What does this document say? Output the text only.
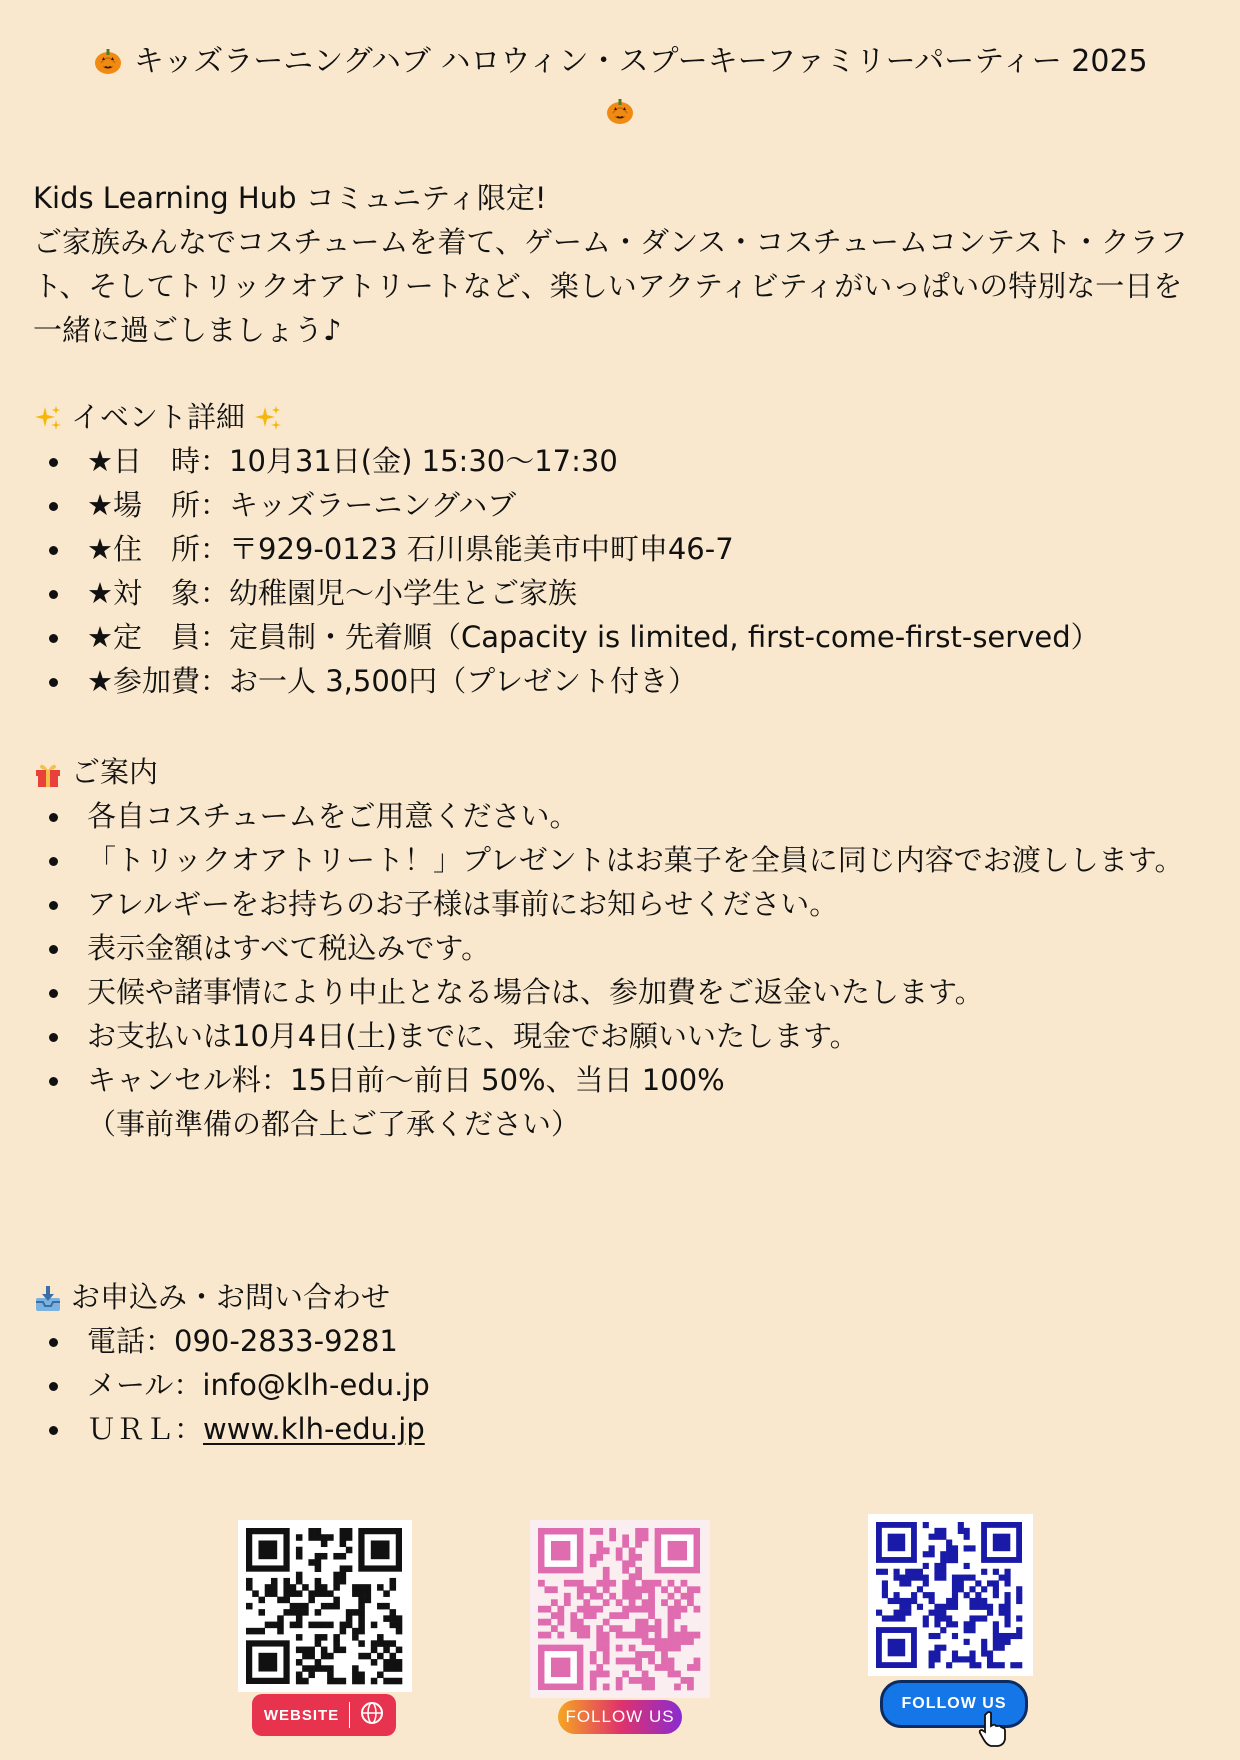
キッズラーニングハブ ハロウィン・スプーキーファミリーパーティー 2025

Kids Learning Hub コミュニティ限定!

ご家族みんなでコスチュームを着て、ゲーム・ダンス・コスチュームコンテスト・クラフト、そしてトリックオアトリートなど、楽しいアクティビティがいっぱいの特別な一日を一緒に過ごしましょう♪

イベント詳細
★日　時：10月31日(金) 15:30〜17:30
★場　所：キッズラーニングハブ
★住　所：〒929-0123 石川県能美市中町申46-7
★対　象：幼稚園児〜小学生とご家族
★定　員：定員制・先着順（Capacity is limited, first-come-first-served）
★参加費：お一人 3,500円（プレゼント付き）
ご案内
各自コスチュームをご用意ください。
「トリックオアトリート！」プレゼントはお菓子を全員に同じ内容でお渡しします。
アレルギーをお持ちのお子様は事前にお知らせください。
表示金額はすべて税込みです。
天候や諸事情により中止となる場合は、参加費をご返金いたします。
お支払いは10月4日(土)までに、現金でお願いいたします。
キャンセル料：15日前〜前日 50%、当日 100%
（事前準備の都合上ご了承ください）
お申込み・お問い合わせ
電話：090-2833-9281
メール：info@klh-edu.jp
ＵＲＬ：www.klh-edu.jp
WEBSITE	FOLLOW US
FOLLOW US
